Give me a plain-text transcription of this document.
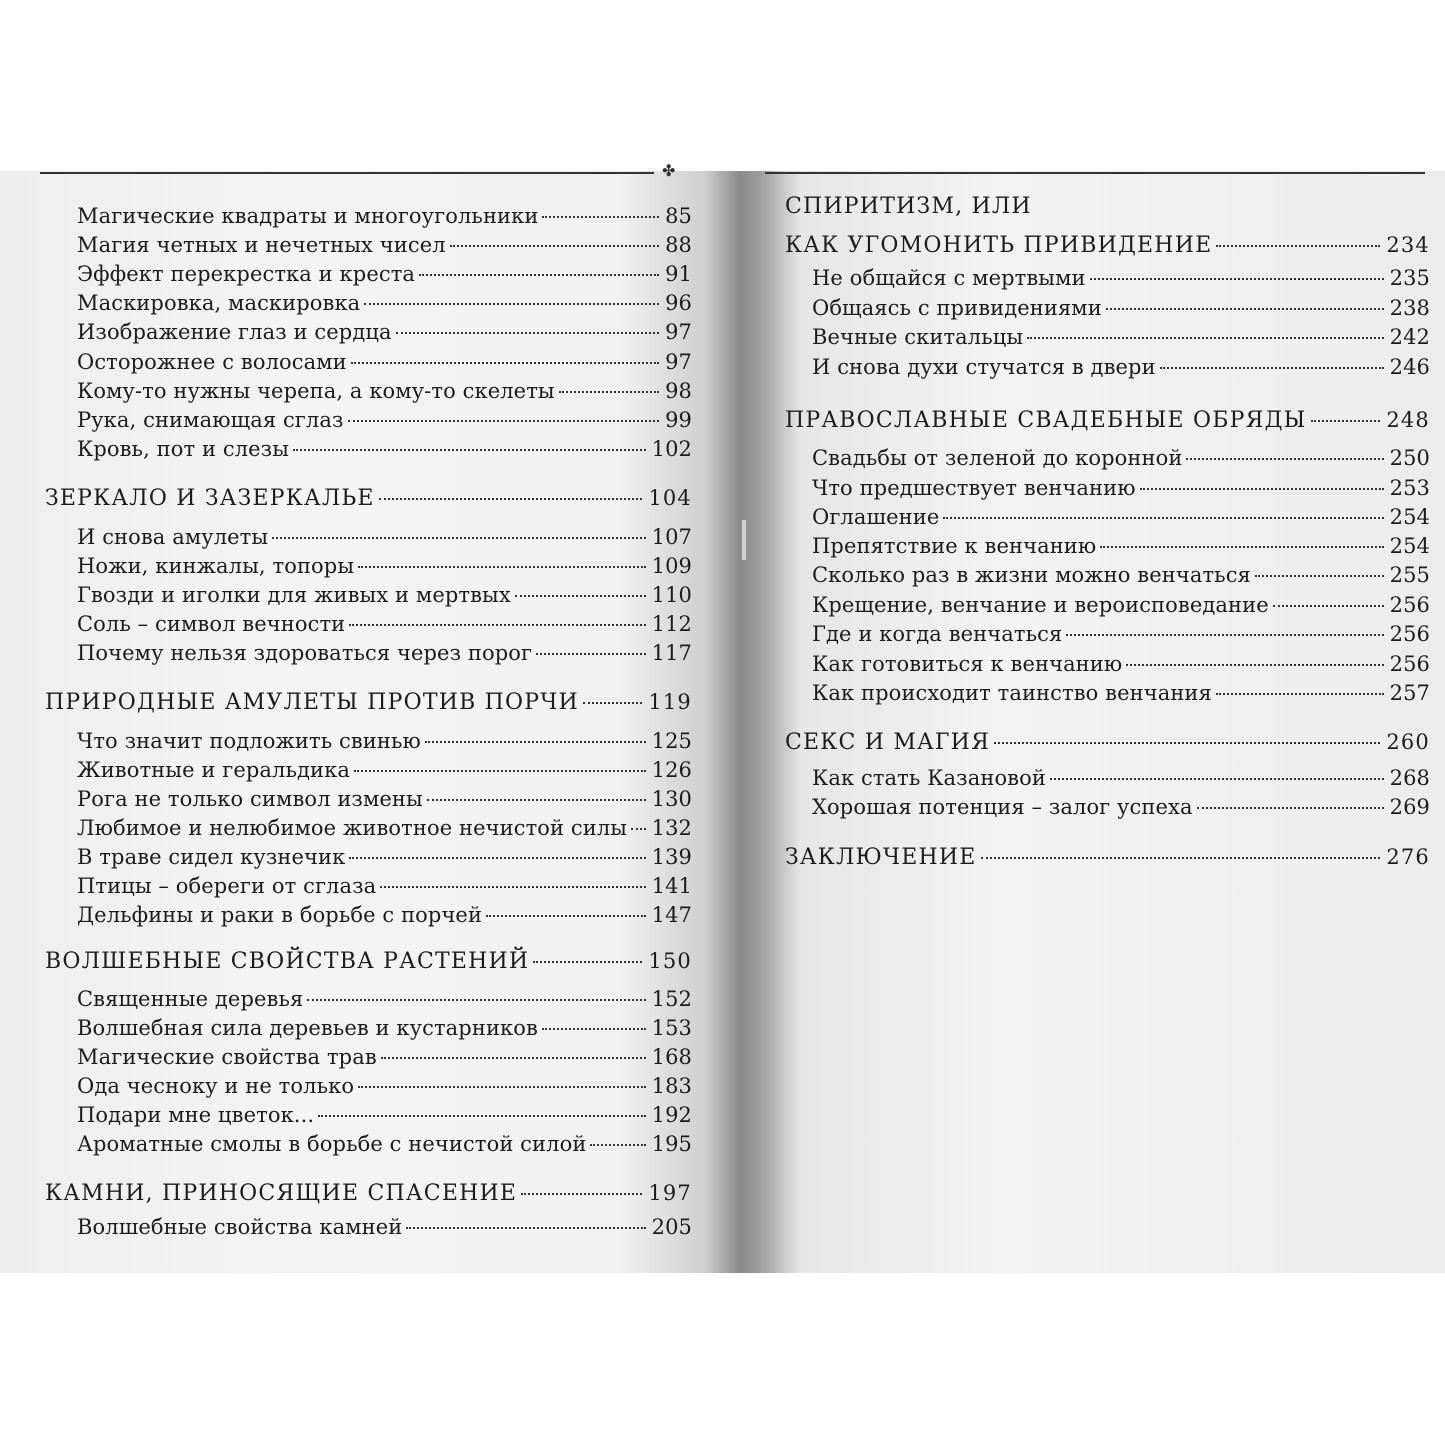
✤
Магические квадраты и многоугольники	85
Магия четных и нечетных чисел	88
Эффект перекрестка и креста	91
Маскировка, маскировка	96
Изображение глаз и сердца	97
Осторожнее с волосами	97
Кому-то нужны черепа, а кому-то скелеты	98
Рука, снимающая сглаз	99
Кровь, пот и слезы	102
ЗЕРКАЛО И ЗАЗЕРКАЛЬЕ	104
И снова амулеты	107
Ножи, кинжалы, топоры	109
Гвозди и иголки для живых и мертвых	110
Соль – символ вечности	112
Почему нельзя здороваться через порог	117
ПРИРОДНЫЕ АМУЛЕТЫ ПРОТИВ ПОРЧИ	119
Что значит подложить свинью	125
Животные и геральдика	126
Рога не только символ измены	130
Любимое и нелюбимое животное нечистой силы 132
В траве сидел кузнечик	139
Птицы – обереги от сглаза	141
Дельфины и раки в борьбе с порчей	147
ВОЛШЕБНЫЕ СВОЙСТВА РАСТЕНИЙ	150
Священные деревья	152
Волшебная сила деревьев и кустарников	153
Магические свойства трав	168
Ода чесноку и не только	183
Подари мне цветок...	192
Ароматные смолы в борьбе с нечистой силой	195
КАМНИ, ПРИНОСЯЩИЕ СПАСЕНИЕ	197
Волшебные свойства камней	205
СПИРИТИЗМ, ИЛИ
КАК УГОМОНИТЬ ПРИВИДЕНИЕ	234
Не общайся с мертвыми	235
Общаясь с привидениями	238
Вечные скитальцы	242
И снова духи стучатся в двери	246
ПРАВОСЛАВНЫЕ СВАДЕБНЫЕ ОБРЯДЫ	248
Свадьбы от зеленой до коронной	250
Что предшествует венчанию	253
Оглашение	254
Препятствие к венчанию	254
Сколько раз в жизни можно венчаться	255
Крещение, венчание и вероисповедание	256
Где и когда венчаться	256
Как готовиться к венчанию	256
Как происходит таинство венчания	257
СЕКС И МАГИЯ	260
Как стать Казановой	268
Хорошая потенция – залог успеха	269
ЗАКЛЮЧЕНИЕ	276
